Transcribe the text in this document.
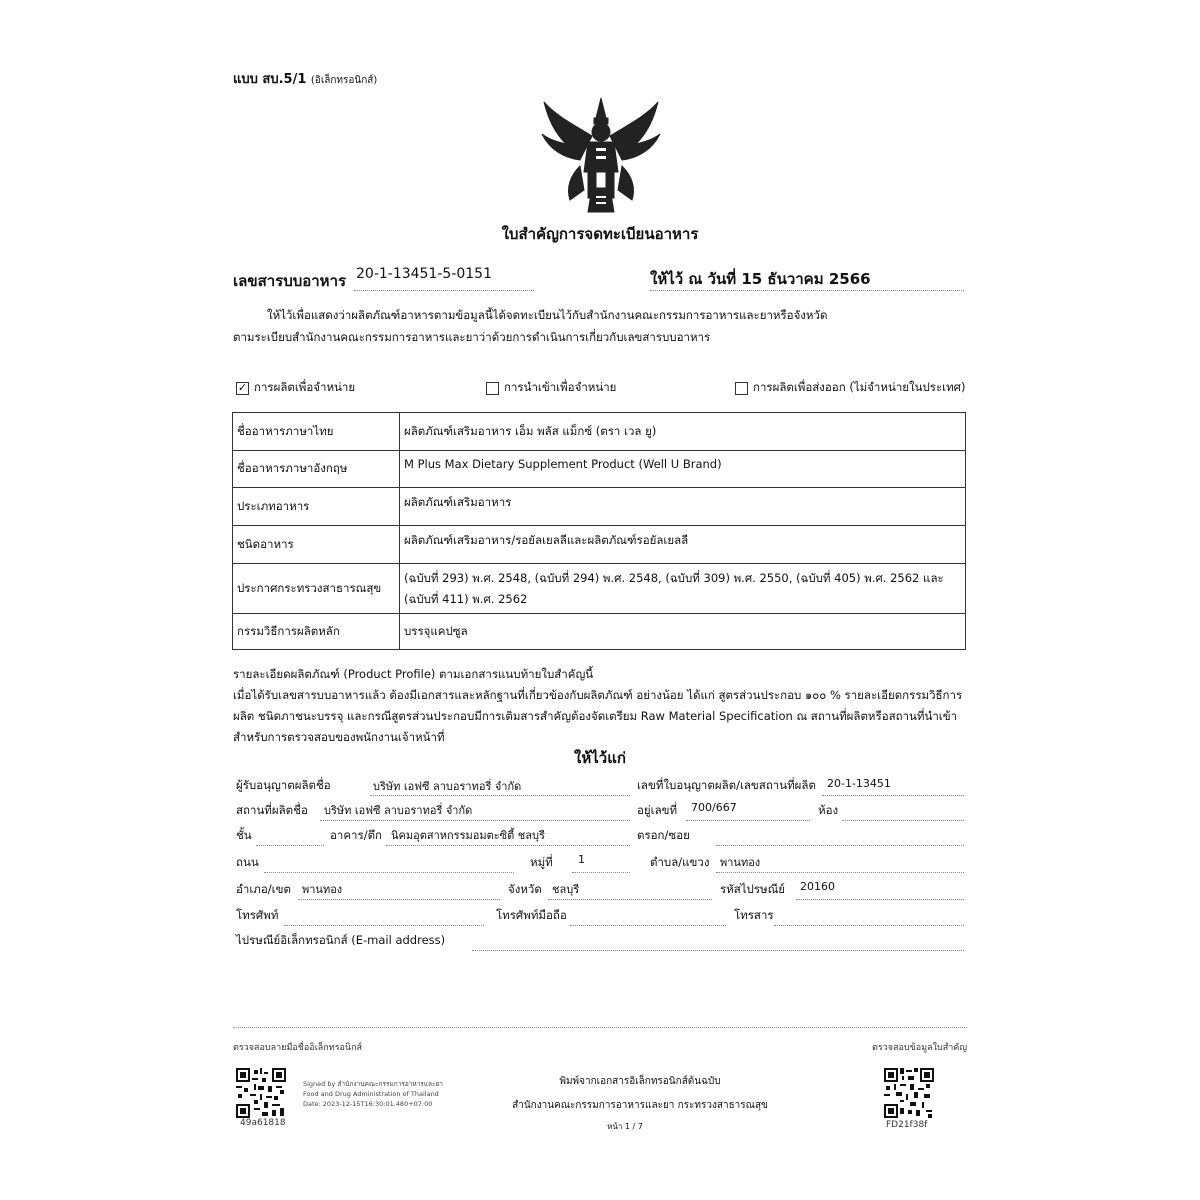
แบบ สบ.5/1 (อิเล็กทรอนิกส์)
ใบสำคัญการจดทะเบียนอาหาร
เลขสารบบอาหาร 20-1-13451-5-0151	ให้ไว้ ณ วันที่ 15 ธันวาคม 2566
ให้ไว้เพื่อแสดงว่าผลิตภัณฑ์อาหารตามข้อมูลนี้ได้จดทะเบียนไว้กับสำนักงานคณะกรรมการอาหารและยาหรือจังหวัด
ตามระเบียบสำนักงานคณะกรรมการอาหารและยาว่าด้วยการดำเนินการเกี่ยวกับเลขสารบบอาหาร
✓ การผลิตเพื่อจำหน่าย	การนำเข้าเพื่อจำหน่าย	การผลิตเพื่อส่งออก (ไม่จำหน่ายในประเทศ)
ชื่ออาหารภาษาไทย	ผลิตภัณฑ์เสริมอาหาร เอ็ม พลัส แม็กซ์ (ตรา เวล ยู)
ชื่ออาหารภาษาอังกฤษ	M Plus Max Dietary Supplement Product (Well U Brand)
ประเภทอาหาร	ผลิตภัณฑ์เสริมอาหาร
ชนิดอาหาร	ผลิตภัณฑ์เสริมอาหาร/รอยัลเยลลีและผลิตภัณฑ์รอยัลเยลลี
ประกาศกระทรวงสาธารณสุข	(ฉบับที่ 293) พ.ศ. 2548, (ฉบับที่ 294) พ.ศ. 2548, (ฉบับที่ 309) พ.ศ. 2550, (ฉบับที่ 405) พ.ศ. 2562 และ (ฉบับที่ 411) พ.ศ. 2562
กรรมวิธีการผลิตหลัก	บรรจุแคปซูล
รายละเอียดผลิตภัณฑ์ (Product Profile) ตามเอกสารแนบท้ายใบสำคัญนี้
เมื่อได้รับเลขสารบบอาหารแล้ว ต้องมีเอกสารและหลักฐานที่เกี่ยวข้องกับผลิตภัณฑ์ อย่างน้อย ได้แก่ สูตรส่วนประกอบ ๑๐๐ % รายละเอียดกรรมวิธีการผลิต ชนิดภาชนะบรรจุ และกรณีสูตรส่วนประกอบมีการเติมสารสำคัญต้องจัดเตรียม Raw Material Specification ณ สถานที่ผลิตหรือสถานที่นำเข้า สำหรับการตรวจสอบของพนักงานเจ้าหน้าที่
ให้ไว้แก่
ผู้รับอนุญาตผลิตชื่อ	บริษัท เอฟซี ลาบอราทอรี่ จำกัด	เลขที่ใบอนุญาตผลิต/เลขสถานที่ผลิต 20-1-13451
สถานที่ผลิตชื่อ บริษัท เอฟซี ลาบอราทอรี่ จำกัด	อยู่เลขที่ 700/667	ห้อง
ชั้น	อาคาร/ตึก นิคมอุตสาหกรรมอมตะซิตี้ ชลบุรี	ตรอก/ซอย
ถนน	หมู่ที่ 1	ตำบล/แขวง พานทอง
อำเภอ/เขต พานทอง	จังหวัด ชลบุรี	รหัสไปรษณีย์ 20160
โทรศัพท์	โทรศัพท์มือถือ	โทรสาร
ไปรษณีย์อิเล็กทรอนิกส์ (E-mail address)
ตรวจสอบลายมือชื่ออิเล็กทรอนิกส์	ตรวจสอบข้อมูลใบสำคัญ
49a61818
Signed by สำนักงานคณะกรรมการอาหารและยา
Food and Drug Administration of Thailand
Date: 2023-12-15T16:30:01.480+07:00
พิมพ์จากเอกสารอิเล็กทรอนิกส์ต้นฉบับ
สำนักงานคณะกรรมการอาหารและยา กระทรวงสาธารณสุข
หน้า 1 / 7	FD21f38f
